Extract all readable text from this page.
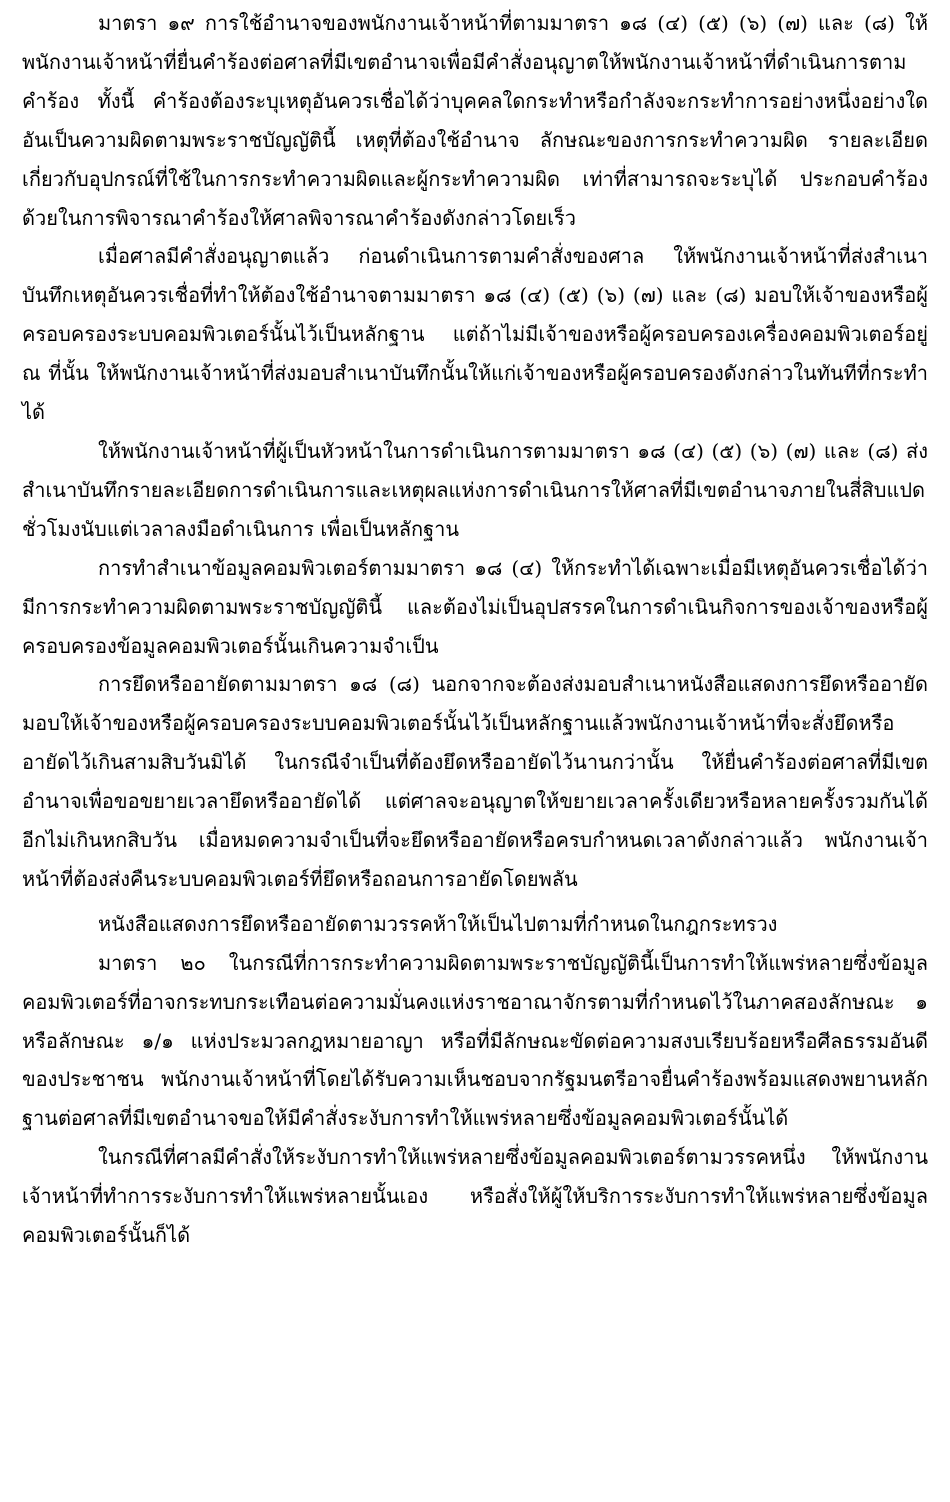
มาตรา ๑๙ การใช้อำนาจของพนักงานเจ้าหน้าที่ตามมาตรา ๑๘ (๔) (๕) (๖) (๗) และ (๘) ให้พนักงานเจ้าหน้าที่ยื่นคำร้องต่อศาลที่มีเขตอำนาจเพื่อมีคำสั่งอนุญาตให้พนักงานเจ้าหน้าที่ดำเนินการตามคำร้อง ทั้งนี้ คำร้องต้องระบุเหตุอันควรเชื่อได้ว่าบุคคลใดกระทำหรือกำลังจะกระทำการอย่างหนึ่งอย่างใดอันเป็นความผิดตามพระราชบัญญัตินี้ เหตุที่ต้องใช้อำนาจ ลักษณะของการกระทำความผิด รายละเอียดเกี่ยวกับอุปกรณ์ที่ใช้ในการกระทำความผิดและผู้กระทำความผิด เท่าที่สามารถจะระบุได้ ประกอบคำร้องด้วยในการพิจารณาคำร้องให้ศาลพิจารณาคำร้องดังกล่าวโดยเร็ว

เมื่อศาลมีคำสั่งอนุญาตแล้ว ก่อนดำเนินการตามคำสั่งของศาล ให้พนักงานเจ้าหน้าที่ส่งสำเนาบันทึกเหตุอันควรเชื่อที่ทำให้ต้องใช้อำนาจตามมาตรา ๑๘ (๔) (๕) (๖) (๗) และ (๘) มอบให้เจ้าของหรือผู้ครอบครองระบบคอมพิวเตอร์นั้นไว้เป็นหลักฐาน แต่ถ้าไม่มีเจ้าของหรือผู้ครอบครองเครื่องคอมพิวเตอร์อยู่ ณ ที่นั้น ให้พนักงานเจ้าหน้าที่ส่งมอบสำเนาบันทึกนั้นให้แก่เจ้าของหรือผู้ครอบครองดังกล่าวในทันทีที่กระทำได้

ให้พนักงานเจ้าหน้าที่ผู้เป็นหัวหน้าในการดำเนินการตามมาตรา ๑๘ (๔) (๕) (๖) (๗) และ (๘) ส่งสำเนาบันทึกรายละเอียดการดำเนินการและเหตุผลแห่งการดำเนินการให้ศาลที่มีเขตอำนาจภายในสี่สิบแปดชั่วโมงนับแต่เวลาลงมือดำเนินการ เพื่อเป็นหลักฐาน

การทำสำเนาข้อมูลคอมพิวเตอร์ตามมาตรา ๑๘ (๔) ให้กระทำได้เฉพาะเมื่อมีเหตุอันควรเชื่อได้ว่ามีการกระทำความผิดตามพระราชบัญญัตินี้ และต้องไม่เป็นอุปสรรคในการดำเนินกิจการของเจ้าของหรือผู้ครอบครองข้อมูลคอมพิวเตอร์นั้นเกินความจำเป็น

การยึดหรืออายัดตามมาตรา ๑๘ (๘) นอกจากจะต้องส่งมอบสำเนาหนังสือแสดงการยึดหรืออายัดมอบให้เจ้าของหรือผู้ครอบครองระบบคอมพิวเตอร์นั้นไว้เป็นหลักฐานแล้วพนักงานเจ้าหน้าที่จะสั่งยึดหรืออายัดไว้เกินสามสิบวันมิได้ ในกรณีจำเป็นที่ต้องยึดหรืออายัดไว้นานกว่านั้น ให้ยื่นคำร้องต่อศาลที่มีเขตอำนาจเพื่อขอขยายเวลายึดหรืออายัดได้ แต่ศาลจะอนุญาตให้ขยายเวลาครั้งเดียวหรือหลายครั้งรวมกันได้อีกไม่เกินหกสิบวัน เมื่อหมดความจำเป็นที่จะยึดหรืออายัดหรือครบกำหนดเวลาดังกล่าวแล้ว พนักงานเจ้าหน้าที่ต้องส่งคืนระบบคอมพิวเตอร์ที่ยึดหรือถอนการอายัดโดยพลัน

หนังสือแสดงการยึดหรืออายัดตามวรรคห้าให้เป็นไปตามที่กำหนดในกฎกระทรวง

มาตรา ๒๐ ในกรณีที่การกระทำความผิดตามพระราชบัญญัตินี้เป็นการทำให้แพร่หลายซึ่งข้อมูลคอมพิวเตอร์ที่อาจกระทบกระเทือนต่อความมั่นคงแห่งราชอาณาจักรตามที่กำหนดไว้ในภาคสองลักษณะ ๑ หรือลักษณะ ๑/๑ แห่งประมวลกฎหมายอาญา หรือที่มีลักษณะขัดต่อความสงบเรียบร้อยหรือศีลธรรมอันดีของประชาชน พนักงานเจ้าหน้าที่โดยได้รับความเห็นชอบจากรัฐมนตรีอาจยื่นคำร้องพร้อมแสดงพยานหลักฐานต่อศาลที่มีเขตอำนาจขอให้มีคำสั่งระงับการทำให้แพร่หลายซึ่งข้อมูลคอมพิวเตอร์นั้นได้

ในกรณีที่ศาลมีคำสั่งให้ระงับการทำให้แพร่หลายซึ่งข้อมูลคอมพิวเตอร์ตามวรรคหนึ่ง ให้พนักงานเจ้าหน้าที่ทำการระงับการทำให้แพร่หลายนั้นเอง หรือสั่งให้ผู้ให้บริการระงับการทำให้แพร่หลายซึ่งข้อมูลคอมพิวเตอร์นั้นก็ได้
